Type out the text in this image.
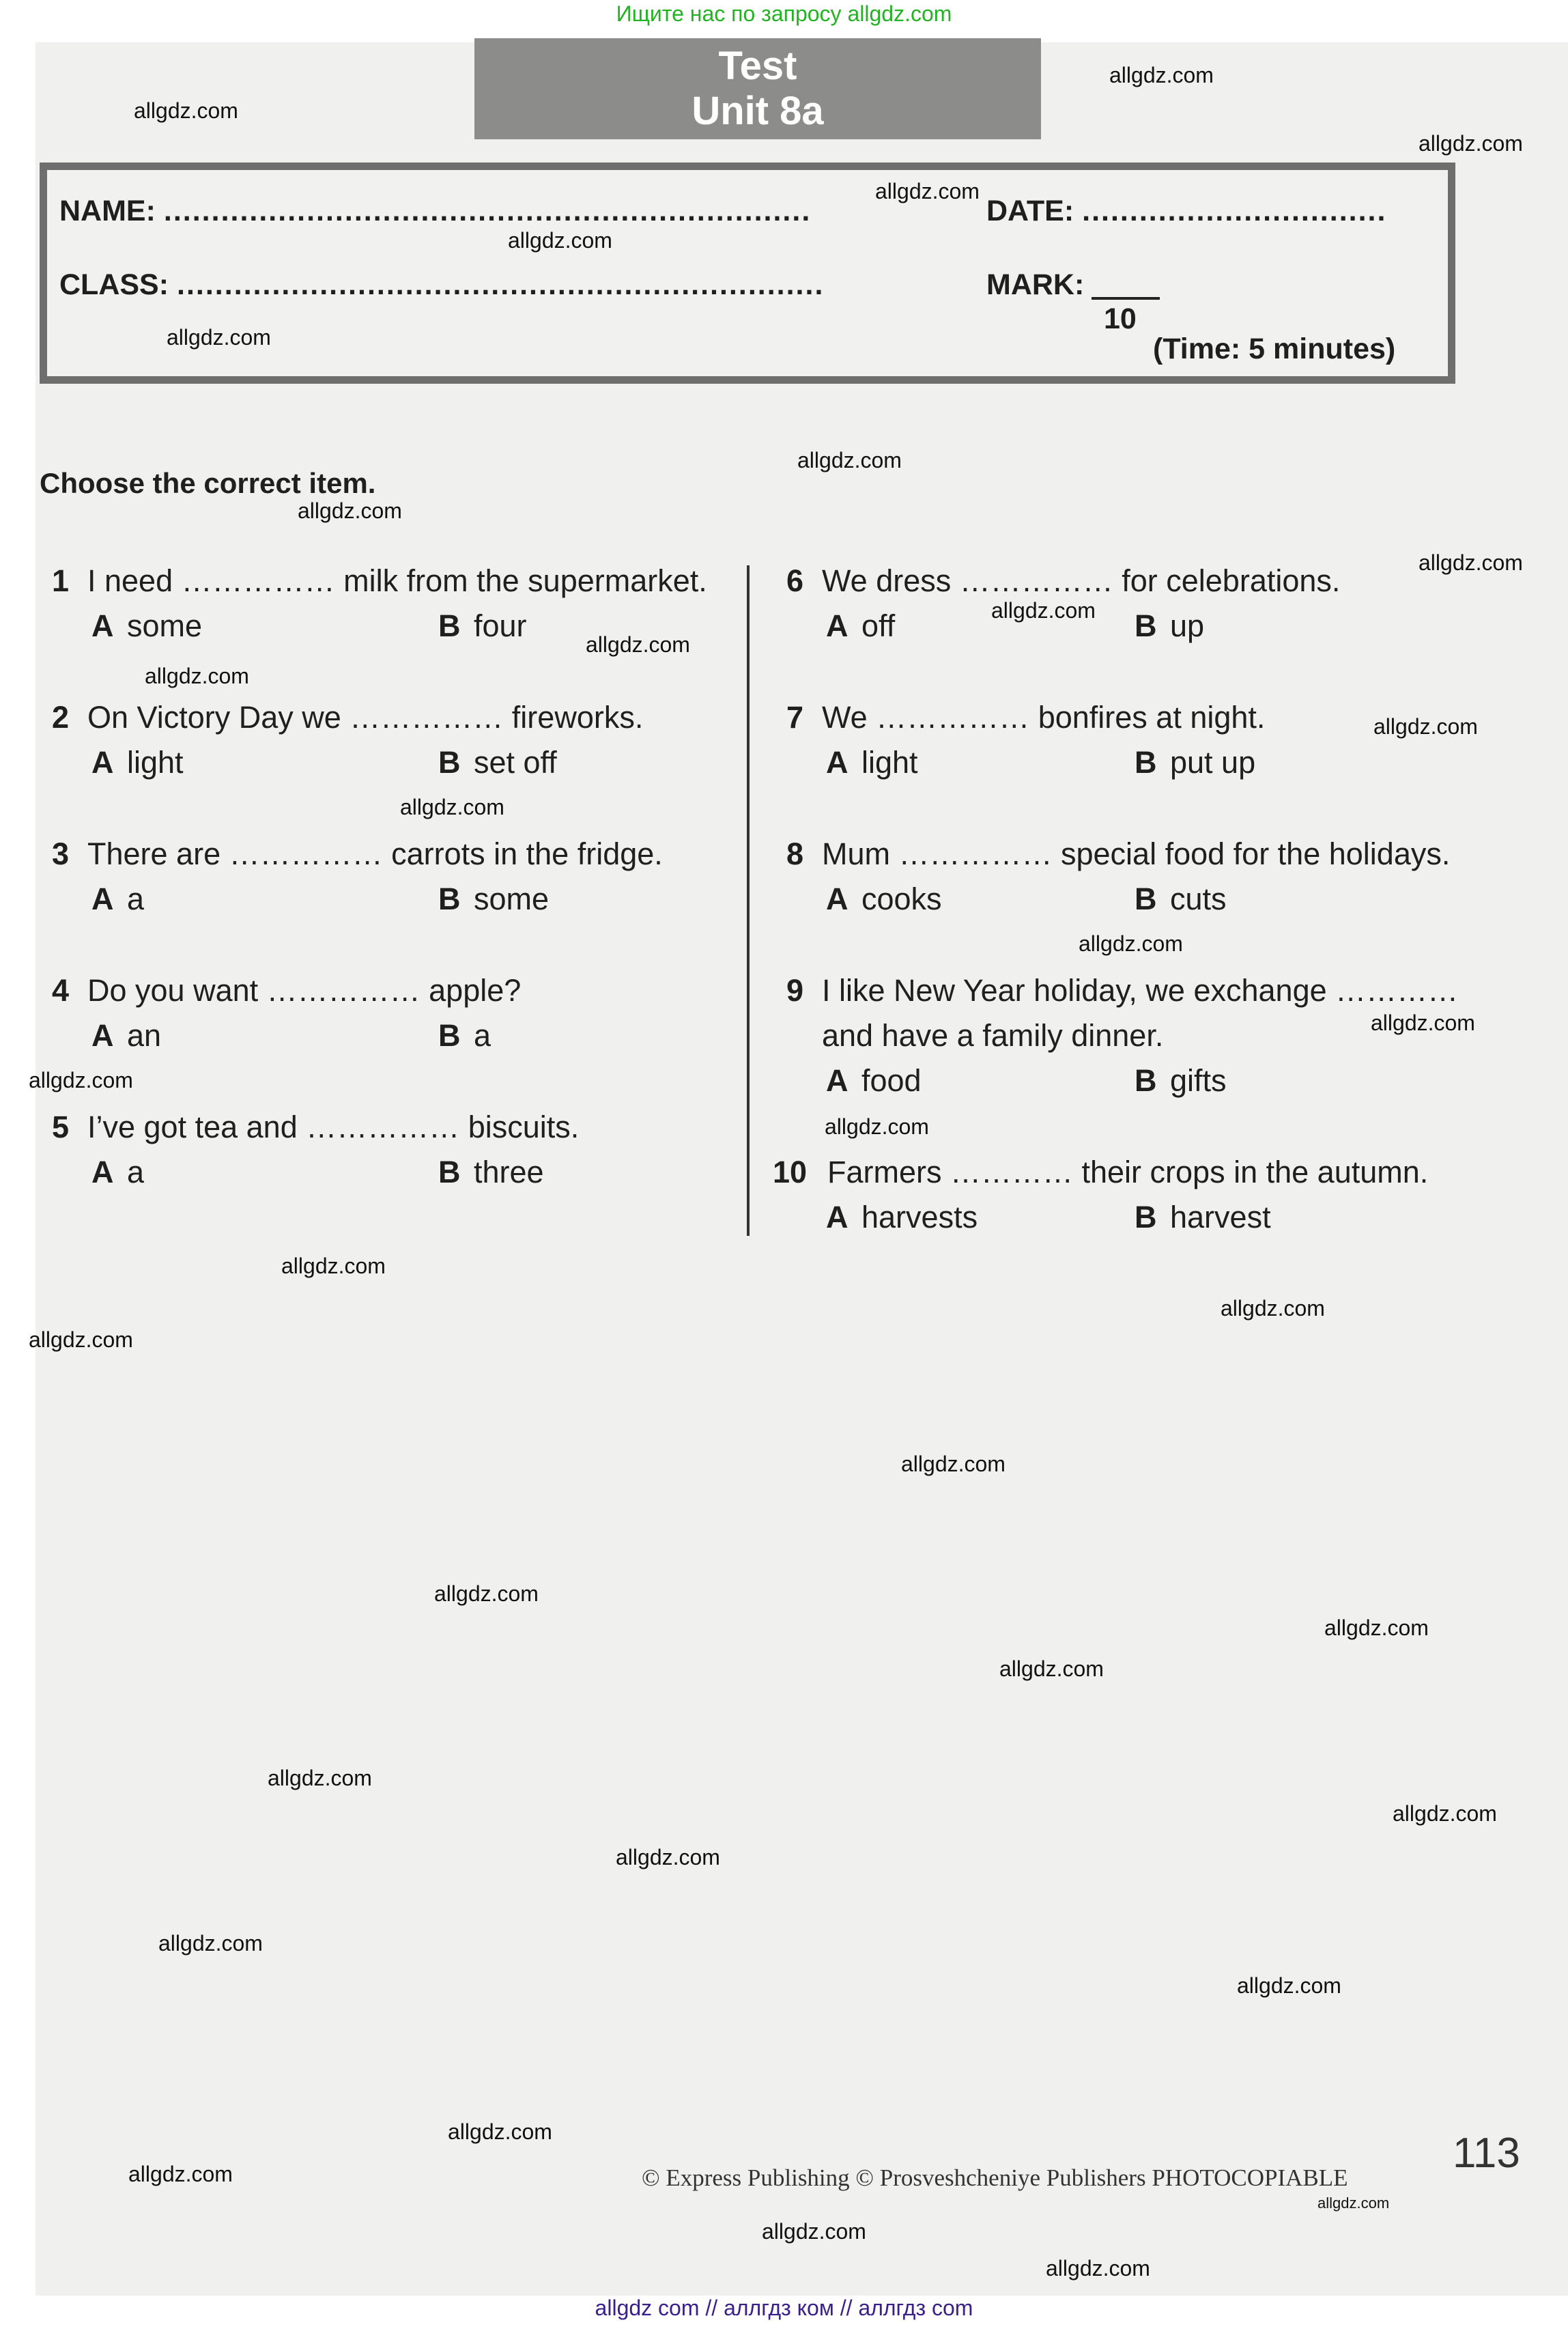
Ищите нас по запросу allgdz.com
Test
Unit 8a
NAME: ....................................................................	DATE: ................................
CLASS: ....................................................................	MARK:
10
(Time: 5 minutes)
Choose the correct item.
1 I need …………… milk from the supermarket.
A some	B four
2 On Victory Day we …………… fireworks.
A light	B set off
3 There are …………… carrots in the fridge.
A a	B some
4 Do you want …………… apple?
A an	B a
5 I’ve got tea and …………… biscuits.
A a	B three
6 We dress …………… for celebrations.
A off	B up
7 We …………… bonfires at night.
A light	B put up
8 Mum …………… special food for the holidays.
A cooks	B cuts
9 I like New Year holiday, we exchange …………
and have a family dinner.
A food	B gifts
10 Farmers ………… their crops in the autumn.
A harvests	B harvest
allgdz.com
allgdz.com
allgdz.com
allgdz.com
allgdz.com
allgdz.com
allgdz.com
allgdz.com
allgdz.com
allgdz.com
allgdz.com
allgdz.com
allgdz.com
allgdz.com
allgdz.com
allgdz.com
allgdz.com
allgdz.com
allgdz.com
allgdz.com
allgdz.com
allgdz.com
allgdz.com
allgdz.com
allgdz.com
allgdz.com
allgdz.com
allgdz.com
allgdz.com
allgdz.com
allgdz.com
allgdz.com
allgdz.com
allgdz.com
allgdz.com
113
© Express Publishing © Prosveshcheniye Publishers PHOTOCOPIABLE
allgdz com // аллгдз ком // аллгдз com
